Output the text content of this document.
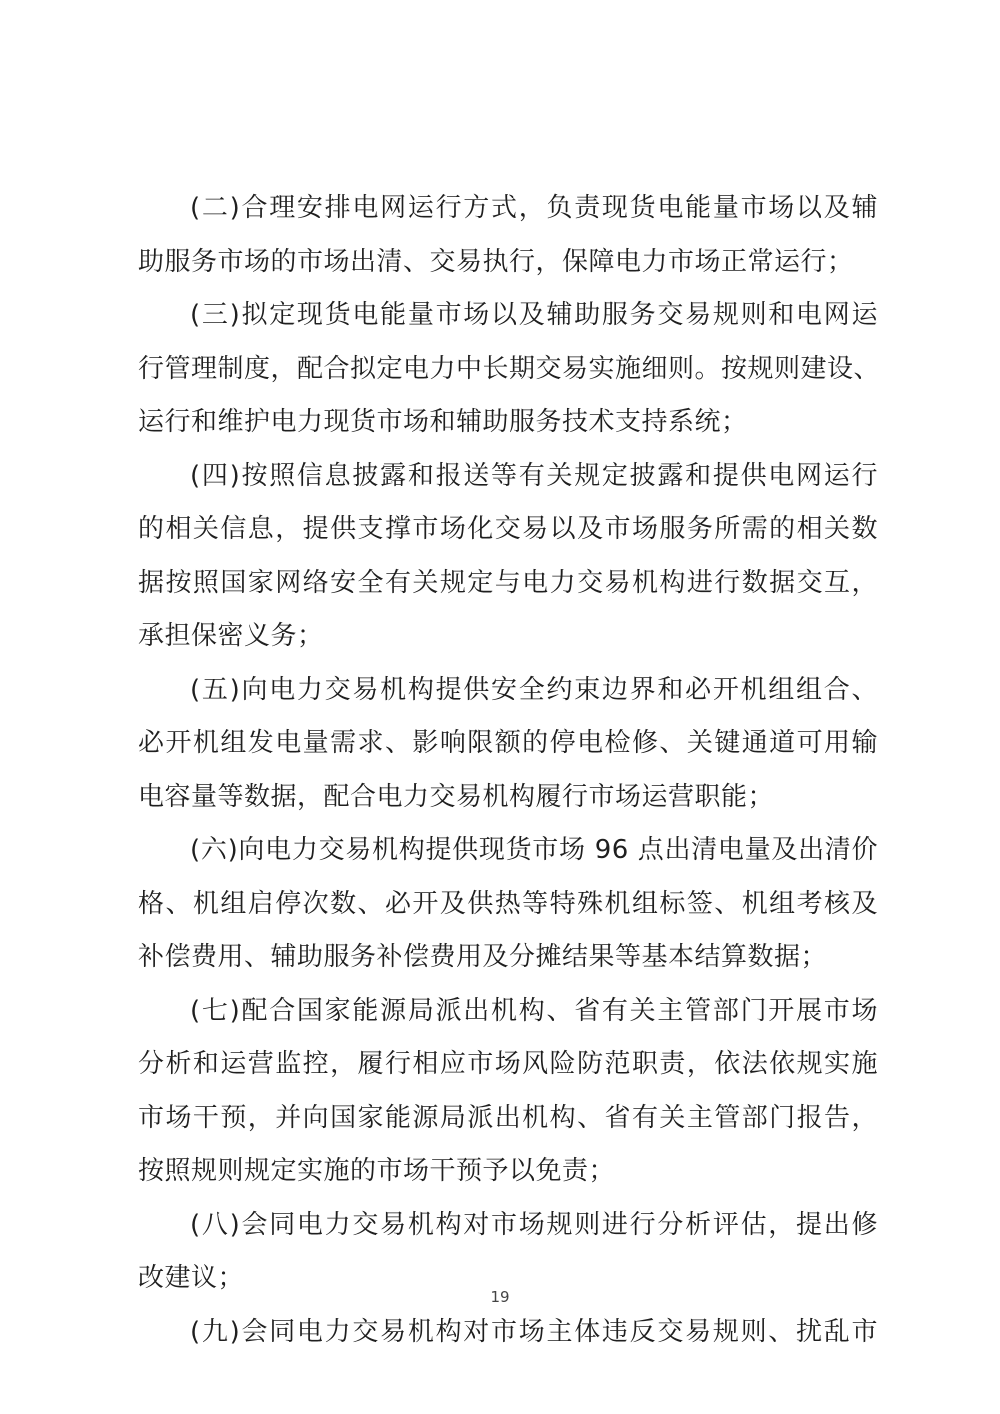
(二)合理安排电网运行方式，负责现货电能量市场以及辅
助服务市场的市场出清、交易执行，保障电力市场正常运行；
(三)拟定现货电能量市场以及辅助服务交易规则和电网运
行管理制度，配合拟定电力中长期交易实施细则。按规则建设、
运行和维护电力现货市场和辅助服务技术支持系统；
(四)按照信息披露和报送等有关规定披露和提供电网运行
的相关信息，提供支撑市场化交易以及市场服务所需的相关数
据按照国家网络安全有关规定与电力交易机构进行数据交互，
承担保密义务；
(五)向电力交易机构提供安全约束边界和必开机组组合、
必开机组发电量需求、影响限额的停电检修、关键通道可用输
电容量等数据，配合电力交易机构履行市场运营职能；
(六)向电力交易机构提供现货市场 96 点出清电量及出清价
格、机组启停次数、必开及供热等特殊机组标签、机组考核及
补偿费用、辅助服务补偿费用及分摊结果等基本结算数据；
(七)配合国家能源局派出机构、省有关主管部门开展市场
分析和运营监控，履行相应市场风险防范职责，依法依规实施
市场干预，并向国家能源局派出机构、省有关主管部门报告，
按照规则规定实施的市场干预予以免责；
(八)会同电力交易机构对市场规则进行分析评估，提出修
改建议；
(九)会同电力交易机构对市场主体违反交易规则、扰乱市
19
